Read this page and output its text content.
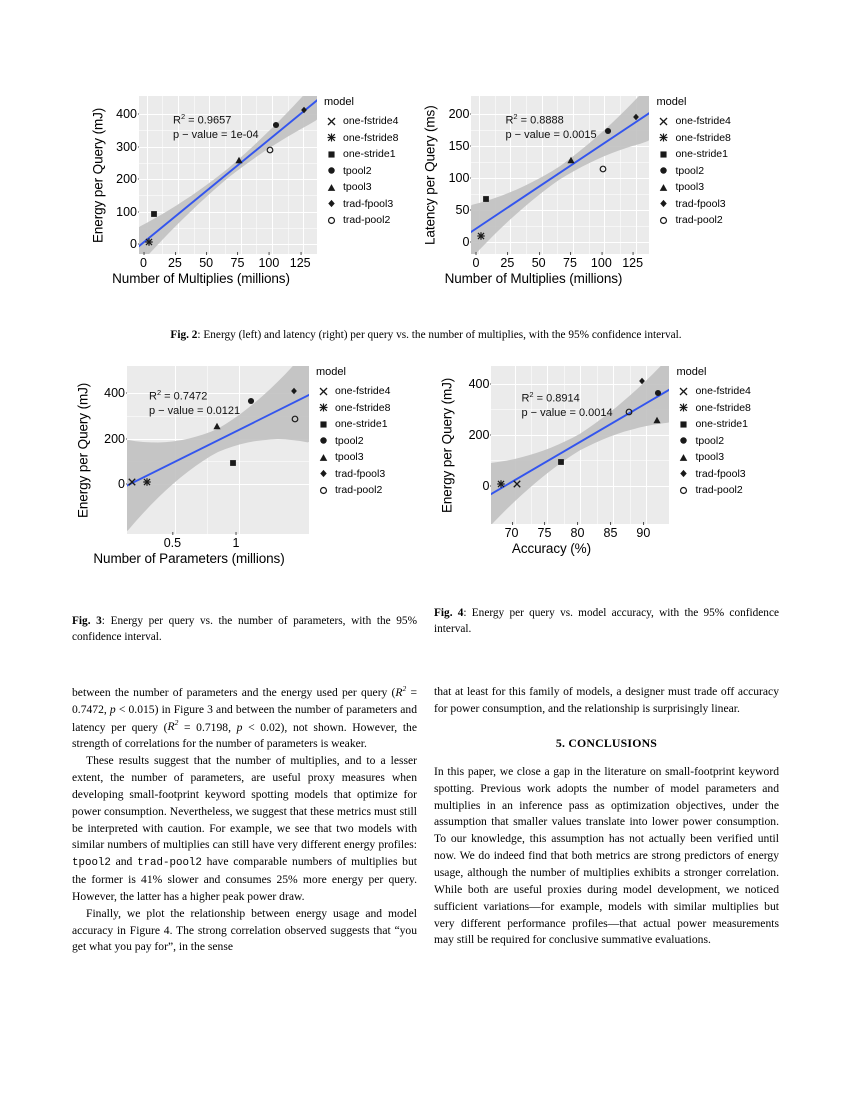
Energy per Query (mJ)
0
100
200
300
400	$R^2 = 0.9657$
p − value = 1e-04
0 25 50 75 100 125
Number of Multiplies (millions)
model
one-fstride4
one-fstride8
one-stride1
tpool2
tpool3
trad-fpool3
trad-pool2 Latency per Query (ms) 0
50
100
150
200	$R^2 = 0.8888$
p − value = 0.0015
0 25 50 75 100 125
Number of Multiplies (millions)
model
one-fstride4
one-fstride8
one-stride1
tpool2
tpool3
trad-fpool3
trad-pool2
Fig. 2: Energy (left) and latency (right) per query vs. the number of multiplies, with the 95% confidence interval.
Energy per Query (mJ) 0
200
400 $R^2 = 0.7472$
p − value = 0.0121
0.5	1
Number of Parameters (millions)
model
one-fstride4
one-fstride8
one-stride1
tpool2
tpool3
trad-fpool3
trad-pool2	Energy per Query (mJ) 0
200
400
$R^2 = 0.8914$
p − value = 0.0014
70 75 80 85 90
Accuracy (%)
model
one-fstride4
one-fstride8
one-stride1
tpool2
tpool3
trad-fpool3
trad-pool2
Fig. 3: Energy per query vs. the number of parameters, with the 95% confidence interval.
Fig. 4: Energy per query vs. model accuracy, with the 95% confidence interval.

between the number of parameters and the energy used per query ($R^2 = 0.7472$, p < 0.015) in Figure 3 and between the number of parameters and latency per query ($R^2 = 0.7198$, p < 0.02), not shown. However, the strength of correlations for the number of parameters is weaker.

These results suggest that the number of multiplies, and to a lesser extent, the number of parameters, are useful proxy measures when developing small-footprint keyword spotting models that optimize for power consumption. Nevertheless, we suggest that these metrics must still be interpreted with caution. For example, we see that two models with similar numbers of multiplies can still have very different energy profiles: tpool2 and trad-pool2 have comparable numbers of multiplies but the former is 41% slower and consumes 25% more energy per query. However, the latter has a higher peak power draw.

Finally, we plot the relationship between energy usage and model accuracy in Figure 4. The strong correlation observed suggests that “you get what you pay for”, in the sense

that at least for this family of models, a designer must trade off accuracy for power consumption, and the relationship is surprisingly linear.

5. CONCLUSIONS

In this paper, we close a gap in the literature on small-footprint keyword spotting. Previous work adopts the number of model parameters and multiplies in an inference pass as optimization objectives, under the assumption that smaller values translate into lower power consumption. To our knowledge, this assumption has not actually been verified until now. We do indeed find that both metrics are strong predictors of energy usage, although the number of multiplies exhibits a stronger correlation. While both are useful proxies during model development, we noticed sufficient variations—for example, models with similar multiplies but very different performance profiles—that actual power measurements may still be required for conclusive summative evaluations.
